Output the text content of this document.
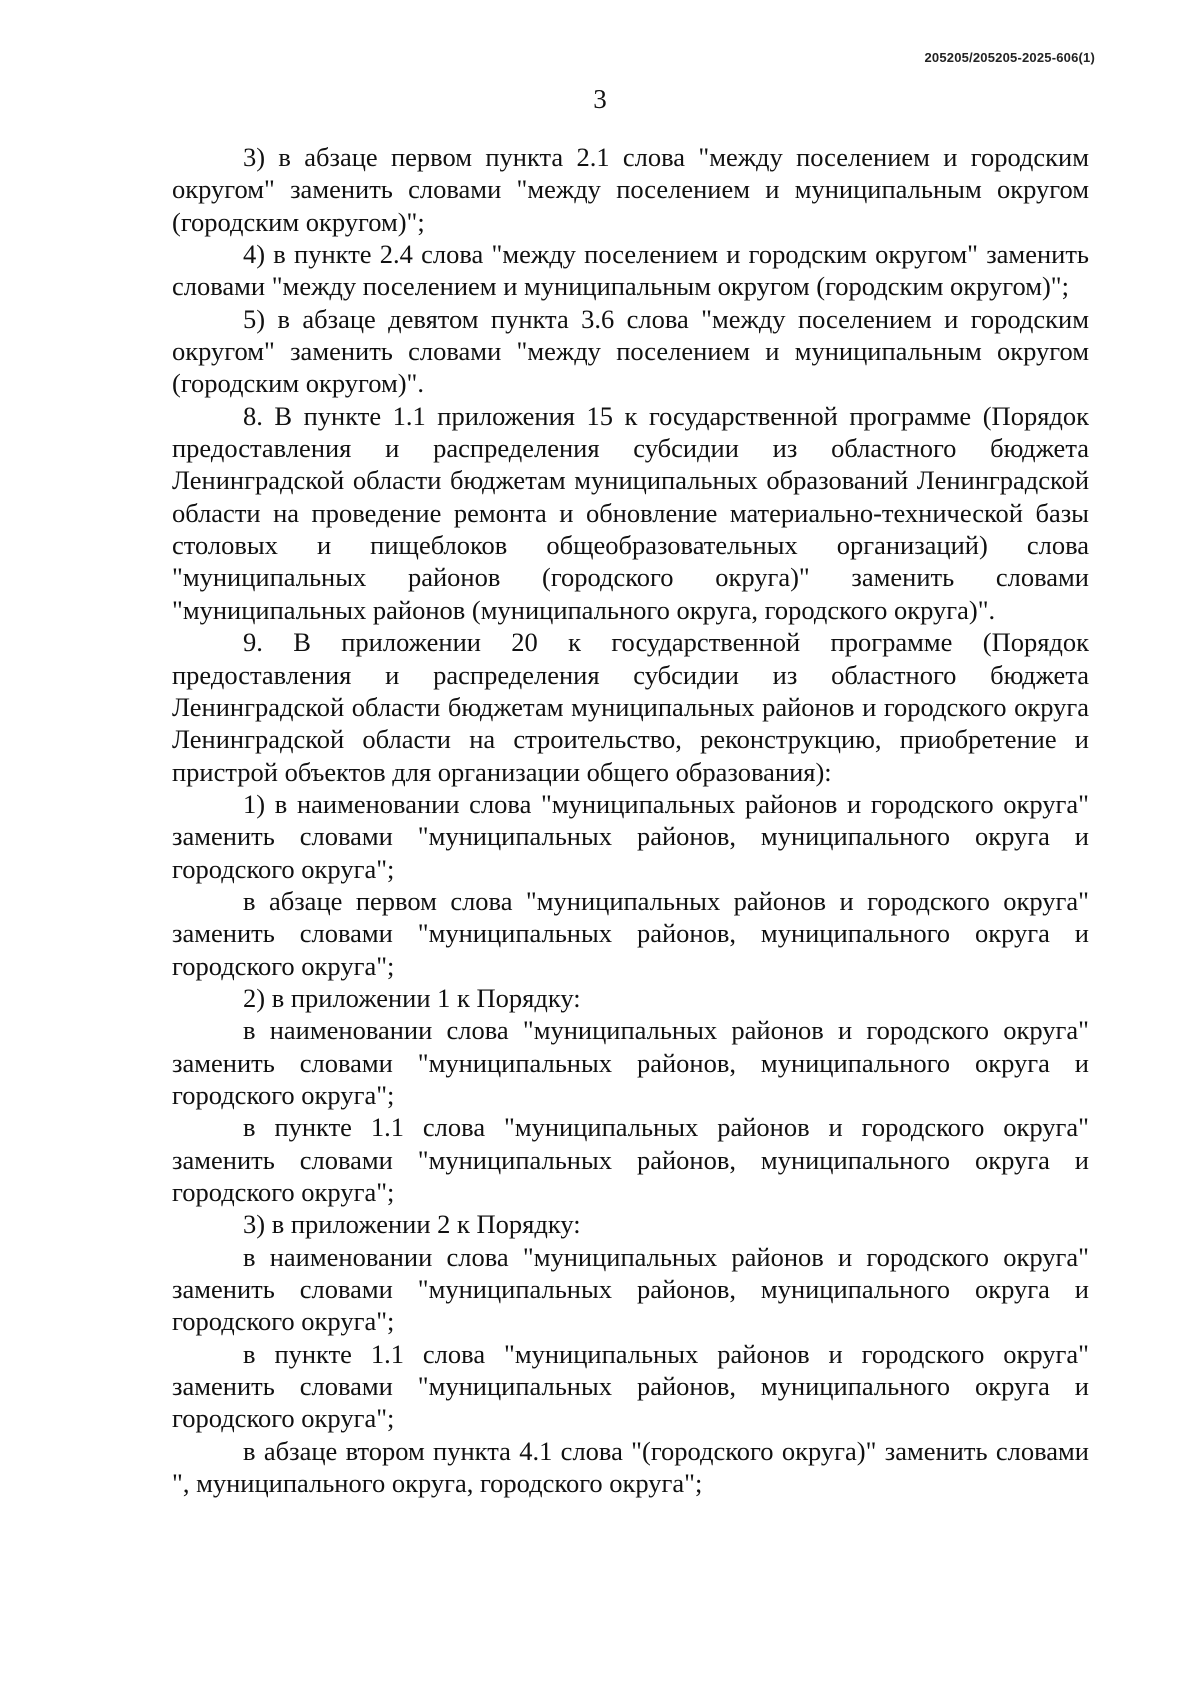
205205/205205-2025-606(1)
3

3) в абзаце первом пункта 2.1 слова "между поселением и городским округом" заменить словами "между поселением и муниципальным округом (городским округом)";

4) в пункте 2.4 слова "между поселением и городским округом" заменить словами "между поселением и муниципальным округом (городским округом)";

5) в абзаце девятом пункта 3.6 слова "между поселением и городским округом" заменить словами "между поселением и муниципальным округом (городским округом)".

8. В пункте 1.1 приложения 15 к государственной программе (Порядок предоставления и распределения субсидии из областного бюджета Ленинградской области бюджетам муниципальных образований Ленинградской области на проведение ремонта и обновление материально-технической базы столовых и пищеблоков общеобразовательных организаций) слова "муниципальных районов (городского округа)" заменить словами "муниципальных районов (муниципального округа, городского округа)".

9. В приложении 20 к государственной программе (Порядок предоставления и распределения субсидии из областного бюджета Ленинградской области бюджетам муниципальных районов и городского округа Ленинградской области на строительство, реконструкцию, приобретение и пристрой объектов для организации общего образования):

1) в наименовании слова "муниципальных районов и городского округа" заменить словами "муниципальных районов, муниципального округа и городского округа";

в абзаце первом слова "муниципальных районов и городского округа" заменить словами "муниципальных районов, муниципального округа и городского округа";

2) в приложении 1 к Порядку:

в наименовании слова "муниципальных районов и городского округа" заменить словами "муниципальных районов, муниципального округа и городского округа";

в пункте 1.1 слова "муниципальных районов и городского округа" заменить словами "муниципальных районов, муниципального округа и городского округа";

3) в приложении 2 к Порядку:

в наименовании слова "муниципальных районов и городского округа" заменить словами "муниципальных районов, муниципального округа и городского округа";

в пункте 1.1 слова "муниципальных районов и городского округа" заменить словами "муниципальных районов, муниципального округа и городского округа";

в абзаце втором пункта 4.1 слова "(городского округа)" заменить словами ", муниципального округа, городского округа";
